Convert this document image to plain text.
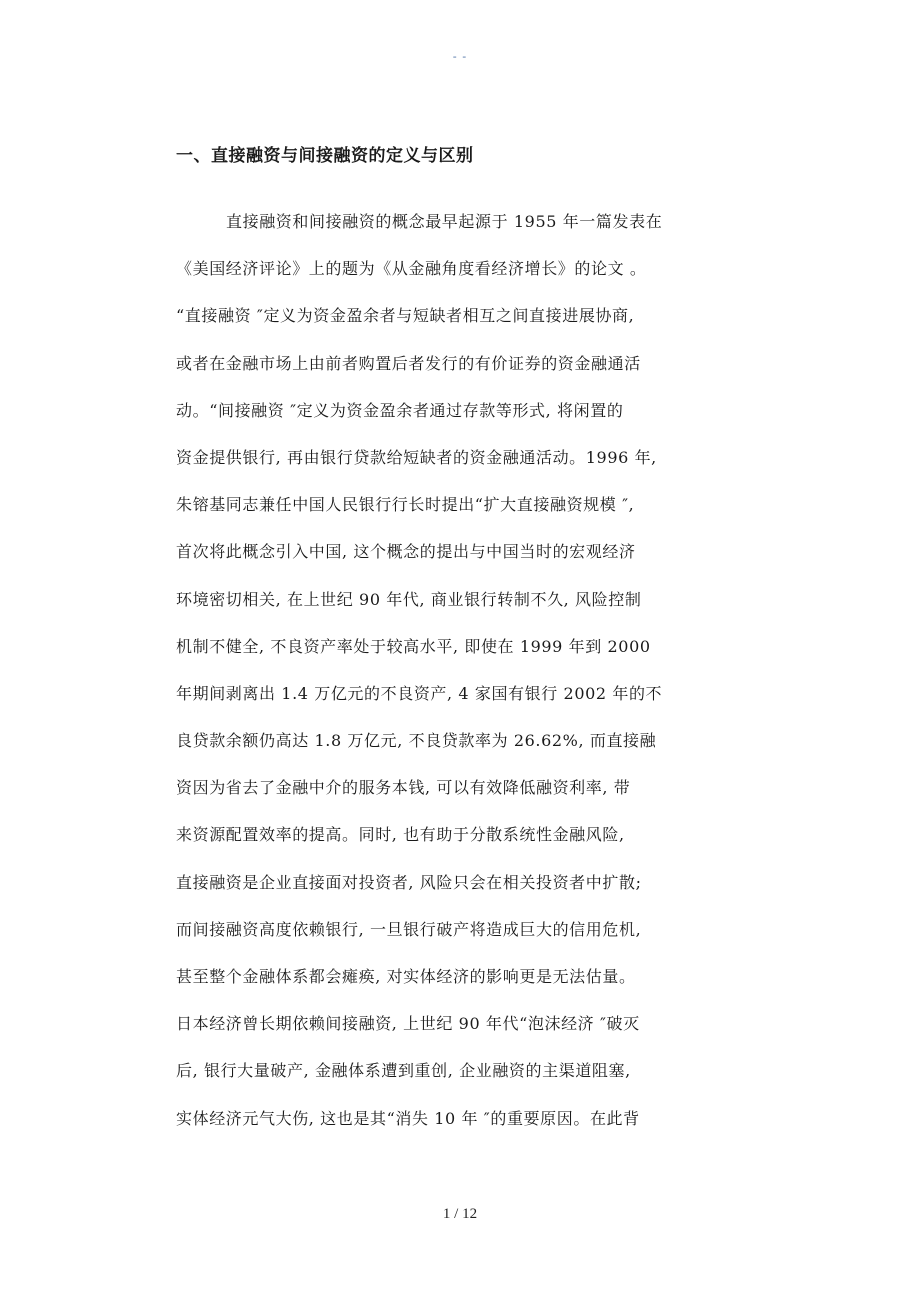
- -
一、直接融资与间接融资的定义与区别
直接融资和间接融资的概念最早起源于 1955 年一篇发表在
《美国经济评论》上的题为《从金融角度看经济增长》的论文 。
“直接融资 ″定义为资金盈余者与短缺者相互之间直接进展协商,
或者在金融市场上由前者购置后者发行的有价证券的资金融通活
动。“间接融资 ″定义为资金盈余者通过存款等形式, 将闲置的
资金提供银行, 再由银行贷款给短缺者的资金融通活动。1996 年,
朱镕基同志兼任中国人民银行行长时提出“扩大直接融资规模 ″,
首次将此概念引入中国, 这个概念的提出与中国当时的宏观经济
环境密切相关, 在上世纪 90 年代, 商业银行转制不久, 风险控制
机制不健全, 不良资产率处于较高水平, 即使在 1999 年到 2000
年期间剥离出 1.4 万亿元的不良资产, 4 家国有银行 2002 年的不
良贷款余额仍高达 1.8 万亿元, 不良贷款率为 26.62%, 而直接融
资因为省去了金融中介的服务本钱, 可以有效降低融资利率, 带
来资源配置效率的提高。同时, 也有助于分散系统性金融风险,
直接融资是企业直接面对投资者, 风险只会在相关投资者中扩散;
而间接融资高度依赖银行, 一旦银行破产将造成巨大的信用危机,
甚至整个金融体系都会瘫痪, 对实体经济的影响更是无法估量。
日本经济曾长期依赖间接融资, 上世纪 90 年代“泡沫经济 ″破灭
后, 银行大量破产, 金融体系遭到重创, 企业融资的主渠道阻塞,
实体经济元气大伤, 这也是其“消失 10 年 ″的重要原因。在此背
1 / 12
